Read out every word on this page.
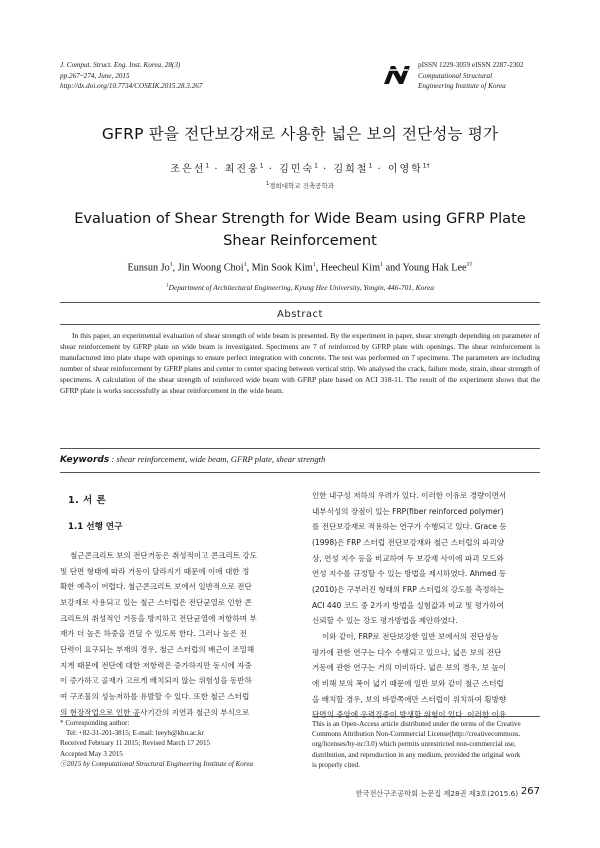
J. Comput. Struct. Eng. Inst. Korea, 28(3)
pp.267~274, June, 2015
http://dx.doi.org/10.7734/COSEIK.2015.28.3.267
pISSN 1229-3059 eISSN 2287-2302
Computational Structural
Engineering Institute of Korea
GFRP 판을 전단보강재로 사용한 넓은 보의 전단성능 평가
조은선$^1$ · 최진웅$^1$ · 김민숙$^1$ · 김희철$^1$ · 이영학$^{1\dagger}$
$^1$경희대학교 건축공학과
Evaluation of Shear Strength for Wide Beam using GFRP Plate
Shear Reinforcement
Eunsun Jo$^1$, Jin Woong Choi$^1$, Min Sook Kim$^1$, Heecheul Kim$^1$ and Young Hak Lee$^{1\dagger}$
$^1$Department of Architectural Engineering, Kyung Hee University, Yongin, 446-701, Korea
Abstract
In this paper, an experimental evaluation of shear strength of wide beam is presented. By the experiment in paper, shear strength depending on parameter of shear reinforcement by GFRP plate on wide beam is investigated. Specimens are 7 of reinforced by GFRP plate with openings. The shear reinforcement is manufactured into plate shape with openings to ensure perfect integration with concrete. The test was performed on 7 specimens. The parameters are including number of shear reinforcement by GFRP plates and center to center spacing between vertical strip. We analysed the crack, failure mode, strain, shear strength of specimens. A calculation of the shear strength of reinforced wide beam with GFRP plate based on ACI 318-11. The result of the experiment shows that the GFRP plate is works successfully as shear reinforcement in the wide beam.
Keywords : shear reinforcement, wide beam, GFRP plate, shear strength
1. 서 론
1.1 선행 연구

철근콘크리트 보의 전단거동은 취성적이고 콘크리트 강도
및 단면 형태에 따라 거동이 달라지기 때문에 이에 대한 정
확한 예측이 어렵다. 철근콘크리트 보에서 일반적으로 전단
보강재로 사용되고 있는 철근 스터럽은 전단균열로 인한 콘
크리트의 취성적인 거동을 방지하고 전단균열에 저항하며 부
재가 더 높은 하중을 견딜 수 있도록 한다. 그러나 높은 전
단력이 요구되는 부재의 경우, 철근 스터럽의 배근이 조밀해
지게 때문에 전단에 대한 저항력은 증가하지만 동시에 자중
이 증가하고 골재가 고르게 배치되지 않는 위험성을 동반하
여 구조물의 성능저하를 유발할 수 있다. 또한 철근 스터럽
의 현장작업으로 인한 공사기간의 지연과 철근의 부식으로

인한 내구성 저하의 우려가 있다. 이러한 이유로 경량이면서
내부식성의 장점이 있는 FRP(fiber reinforced polymer)
를 전단보강재로 적용하는 연구가 수행되고 있다. Grace 등
(1998)은 FRP 스터럽 전단보강재와 철근 스터럽의 파괴양
상, 연성 지수 등을 비교하여 두 보강재 사이에 파괴 모드와
연성 지수를 규정할 수 있는 방법을 제시하였다. Ahmed 등
(2010)은 구부러진 형태의 FRP 스터럽의 강도를 측정하는
ACI 440 코드 중 2가지 방법을 실험값과 비교 및 평가하여
신뢰할 수 있는 강도 평가방법을 제안하였다.

이와 같이, FRP로 전단보강한 일반 보에서의 전단성능
평가에 관한 연구는 다수 수행되고 있으나, 넓은 보의 전단
거동에 관한 연구는 거의 미비하다. 넓은 보의 경우, 보 높이
에 비해 보의 폭이 넓기 때문에 일반 보와 같이 철근 스터럽
을 배치할 경우, 보의 바깥쪽에만 스터럽이 위치하여 횡방향
단면의 중앙에 응력집중이 발생할 위험이 있다. 이러한 이유

* Corresponding author:
Tel: +82-31-201-3815; E-mail: leeyh@khu.ac.kr
Received February 11 2015; Revised March 17 2015
Accepted May 3 2015
ⓒ2015 by Computational Structural Engineering Institute of Korea
This is an Open-Access article distributed under the terms of the Creative
Commons Attribution Non-Commercial License(http://creativecommons.
org/licenses/by-nc/3.0) which permits unrestricted non-commercial use,
distribution, and reproduction in any medium, provided the original work
is properly cited.
한국전산구조공학회 논문집 제28권 제3호(2015.6) 267
